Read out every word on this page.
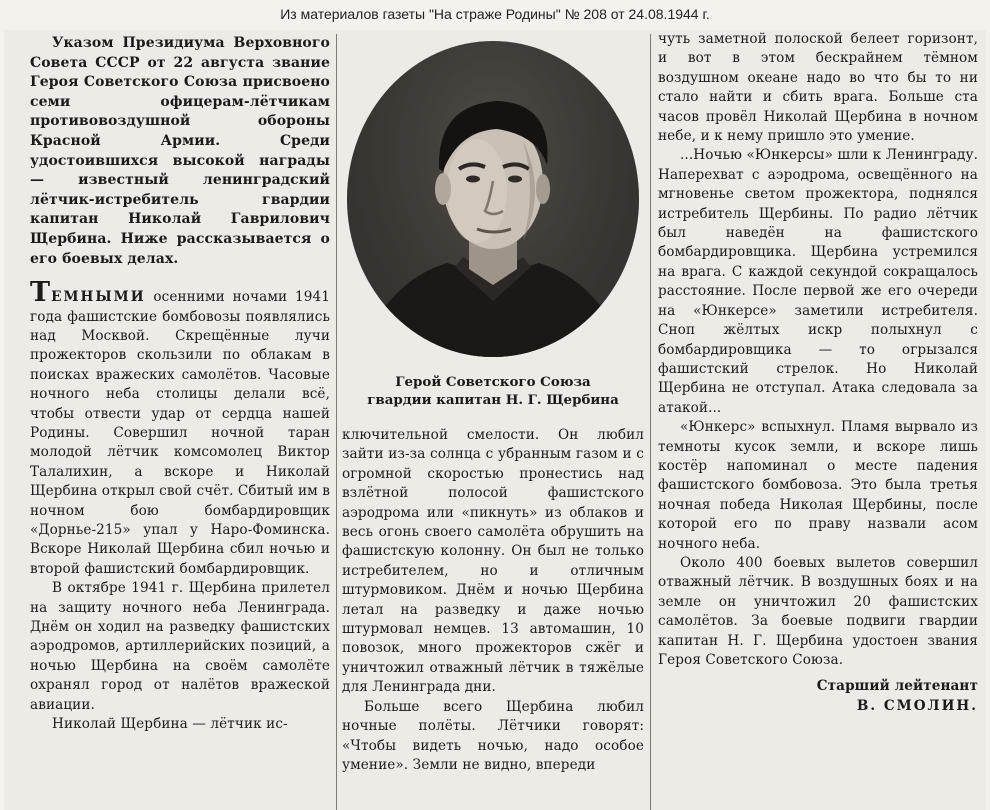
Из материалов газеты "На страже Родины" № 208 от 24.08.1944 г.

Указом Президиума Верховного Совета СССР от 22 августа звание Героя Советского Союза присвоено семи офицерам-лётчикам противовоздушной обороны Красной Армии. Среди удостоившихся высокой награды — известный ленинградский лётчик-истребитель гвардии капитан Николай Гаврилович Щербина. Ниже рассказывается о его боевых делах.

ТЕМНЫМИ осенними ночами 1941 года фашистские бомбовозы появлялись над Москвой. Скрещённые лучи прожекторов скользили по облакам в поисках вражеских самолётов. Часовые ночного неба столицы делали всё, чтобы отвести удар от сердца нашей Родины. Совершил ночной таран молодой лётчик комсомолец Виктор Талалихин, а вскоре и Николай Щербина открыл свой счёт. Сбитый им в ночном бою бомбардировщик «Дорнье-215» упал у Наро-Фоминска. Вскоре Николай Щербина сбил ночью и второй фашистский бомбардировщик.

В октябре 1941 г. Щербина прилетел на защиту ночного неба Ленинграда. Днём он ходил на разведку фашистских аэродромов, артиллерийских позиций, а ночью Щербина на своём самолёте охранял город от налётов вражеской авиации.

Николай Щербина — лётчик ис-

Герой Советского Союза
гвардии капитан Н. Г. Щербина

ключительной смелости. Он любил зайти из-за солнца с убранным газом и с огромной скоростью пронестись над взлётной полосой фашистского аэродрома или «пикнуть» из облаков и весь огонь своего самолёта обрушить на фашистскую колонну. Он был не только истребителем, но и отличным штурмовиком. Днём и ночью Щербина летал на разведку и даже ночью штурмовал немцев. 13 автомашин, 10 повозок, много прожекторов сжёг и уничтожил отважный лётчик в тяжёлые для Ленинграда дни.

Больше всего Щербина любил ночные полёты. Лётчики говорят: «Чтобы видеть ночью, надо особое умение». Земли не видно, впереди

чуть заметной полоской белеет горизонт, и вот в этом бескрайнем тёмном воздушном океане надо во что бы то ни стало найти и сбить врага. Больше ста часов провёл Николай Щербина в ночном небе, и к нему пришло это умение.

...Ночью «Юнкерсы» шли к Ленинграду. Наперехват с аэродрома, освещённого на мгновенье светом прожектора, поднялся истребитель Щербины. По радио лётчик был наведён на фашистского бомбардировщика. Щербина устремился на врага. С каждой секундой сокращалось расстояние. После первой же его очереди на «Юнкерсе» заметили истребителя. Сноп жёлтых искр полыхнул с бомбардировщика — то огрызался фашистский стрелок. Но Николай Щербина не отступал. Атака следовала за атакой...

«Юнкерс» вспыхнул. Пламя вырвало из темноты кусок земли, и вскоре лишь костёр напоминал о месте падения фашистского бомбовоза. Это была третья ночная победа Николая Щербины, после которой его по праву назвали асом ночного неба.

Около 400 боевых вылетов совершил отважный лётчик. В воздушных боях и на земле он уничтожил 20 фашистских самолётов. За боевые подвиги гвардии капитан Н. Г. Щербина удостоен звания Героя Советского Союза.

Старший лейтенант
В. СМОЛИН.
